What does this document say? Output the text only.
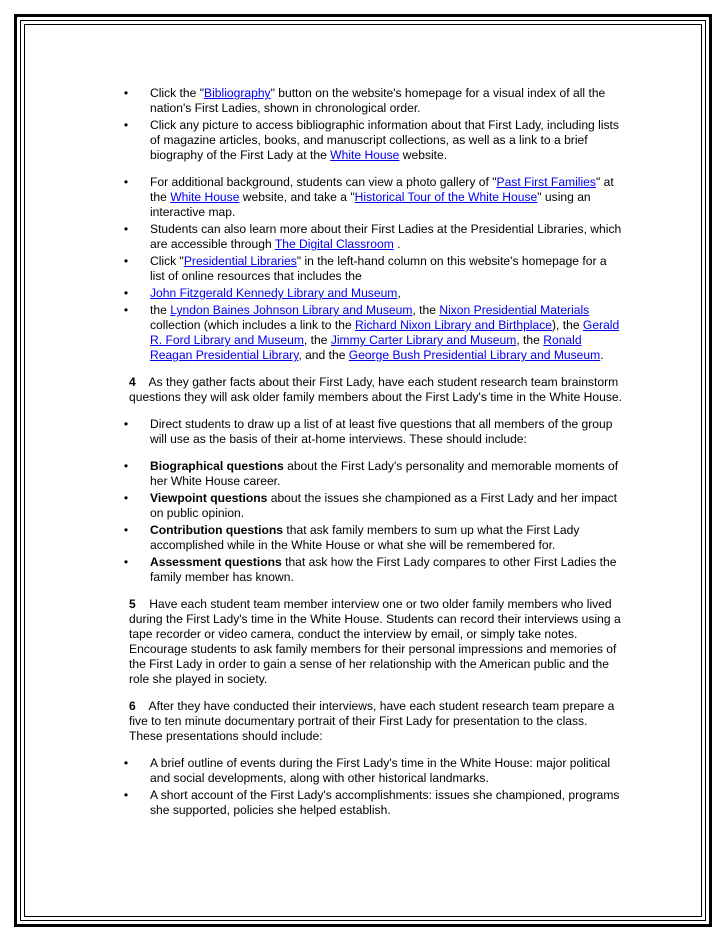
• Click the "Bibliography" button on the website's homepage for a visual index of all the nation's First Ladies, shown in chronological order.
• Click any picture to access bibliographic information about that First Lady, including lists of magazine articles, books, and manuscript collections, as well as a link to a brief biography of the First Lady at the White House website.
• For additional background, students can view a photo gallery of "Past First Families" at the White House website, and take a "Historical Tour of the White House" using an interactive map.
• Students can also learn more about their First Ladies at the Presidential Libraries, which are accessible through The Digital Classroom .
• Click "Presidential Libraries" in the left-hand column on this website's homepage for a list of online resources that includes the
• John Fitzgerald Kennedy Library and Museum,
• the Lyndon Baines Johnson Library and Museum, the Nixon Presidential Materials collection (which includes a link to the Richard Nixon Library and Birthplace), the Gerald R. Ford Library and Museum, the Jimmy Carter Library and Museum, the Ronald Reagan Presidential Library, and the George Bush Presidential Library and Museum.
4 As they gather facts about their First Lady, have each student research team brainstorm questions they will ask older family members about the First Lady's time in the White House.
• Direct students to draw up a list of at least five questions that all members of the group will use as the basis of their at-home interviews. These should include:
• Biographical questions about the First Lady's personality and memorable moments of her White House career.
• Viewpoint questions about the issues she championed as a First Lady and her impact on public opinion.
• Contribution questions that ask family members to sum up what the First Lady accomplished while in the White House or what she will be remembered for.
• Assessment questions that ask how the First Lady compares to other First Ladies the family member has known.
5 Have each student team member interview one or two older family members who lived during the First Lady's time in the White House. Students can record their interviews using a tape recorder or video camera, conduct the interview by email, or simply take notes. Encourage students to ask family members for their personal impressions and memories of the First Lady in order to gain a sense of her relationship with the American public and the role she played in society.
6 After they have conducted their interviews, have each student research team prepare a five to ten minute documentary portrait of their First Lady for presentation to the class. These presentations should include:
• A brief outline of events during the First Lady's time in the White House: major political and social developments, along with other historical landmarks.
• A short account of the First Lady's accomplishments: issues she championed, programs she supported, policies she helped establish.
